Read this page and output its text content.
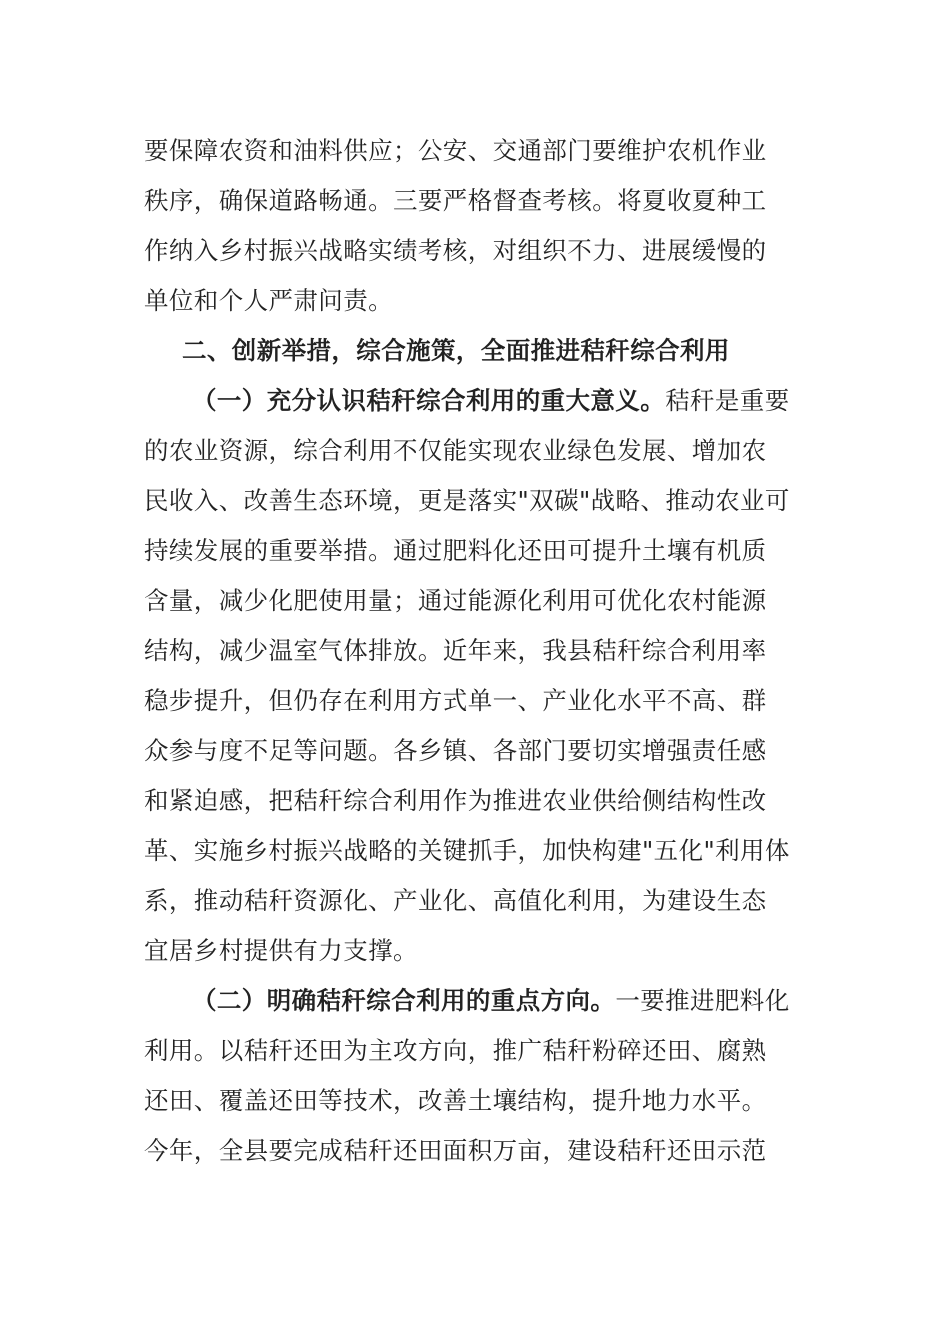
要保障农资和油料供应；公安、交通部门要维护农机作业
秩序，确保道路畅通。三要严格督查考核。将夏收夏种工
作纳入乡村振兴战略实绩考核，对组织不力、进展缓慢的
单位和个人严肃问责。
二、创新举措，综合施策，全面推进秸秆综合利用
（一）充分认识秸秆综合利用的重大意义。秸秆是重要
的农业资源，综合利用不仅能实现农业绿色发展、增加农
民收入、改善生态环境，更是落实"双碳"战略、推动农业可
持续发展的重要举措。通过肥料化还田可提升土壤有机质
含量，减少化肥使用量；通过能源化利用可优化农村能源
结构，减少温室气体排放。近年来，我县秸秆综合利用率
稳步提升，但仍存在利用方式单一、产业化水平不高、群
众参与度不足等问题。各乡镇、各部门要切实增强责任感
和紧迫感，把秸秆综合利用作为推进农业供给侧结构性改
革、实施乡村振兴战略的关键抓手，加快构建"五化"利用体
系，推动秸秆资源化、产业化、高值化利用，为建设生态
宜居乡村提供有力支撑。
（二）明确秸秆综合利用的重点方向。一要推进肥料化
利用。以秸秆还田为主攻方向，推广秸秆粉碎还田、腐熟
还田、覆盖还田等技术，改善土壤结构，提升地力水平。
今年，全县要完成秸秆还田面积万亩，建设秸秆还田示范
